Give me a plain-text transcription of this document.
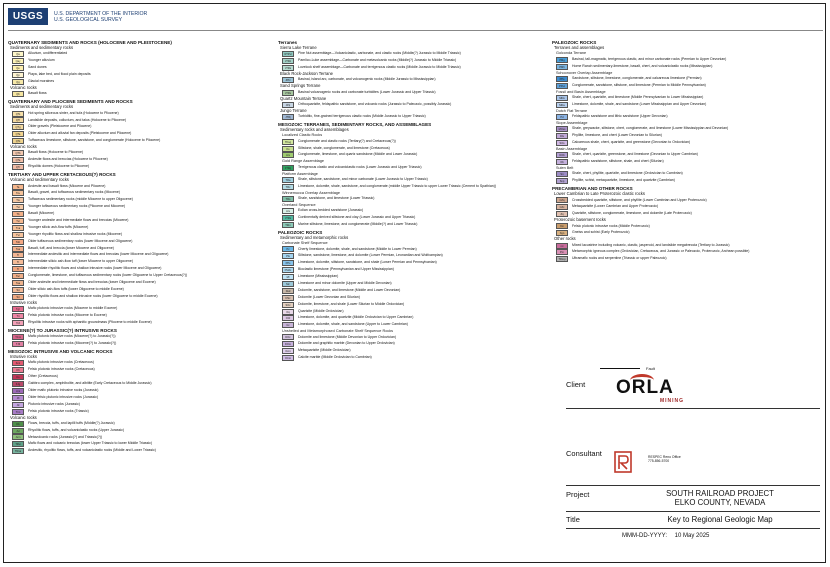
USGS	U.S. DEPARTMENT OF THE INTERIOR
U.S. GEOLOGICAL SURVEY
QUATERNARY SEDIMENTS AND ROCKS (HOLOCENE AND PLEISTOCENE)
Sediments and sedimentary rocks
Qa	Alluvium, undifferentiated
Qay	Younger alluvium
Qe	Sand dunes
Qp	Playa, lake bed, and flood plain deposits
Qg	Glacial moraines
Volcanic rocks
Qb	Basalt flows
QUATERNARY AND PLIOCENE SEDIMENTS AND ROCKS
Sediments and sedimentary rocks
QTs	Hot spring siliceous sinter, and tufa (Holocene to Pliocene)
QTl	Landslide deposits, colluvium, and talus (Holocene to Pliocene)
QTg	Older gravels (Pleistocene and Pliocene)
QTa	Older alluvium and alluvial fan deposits (Pleistocene and Pliocene)
QTs	Tuffaceous limestone, siltstone, sandstone, and conglomerate (Holocene to Pliocene)
Volcanic rocks
QTb	Basalt flows (Holocene to Pliocene)
QTa	Andesite flows and breccias (Holocene to Pliocene)
QTr	Rhyolitic domes (Holocene to Pliocene)
TERTIARY AND UPPER CRETACEOUS(?) ROCKS
Volcanic and sedimentary rocks
Ta	Andesite and basalt flows (Miocene and Pliocene)
Tsv	Basalt, gravel, and tuffaceous sedimentary rocks (Miocene)
Tts	Tuffaceous sedimentary rocks (middle Miocene to upper Oligocene)
Tvt	Younger tuffaceous sedimentary rocks (Pliocene and Miocene)
Tb	Basalt (Miocene)
Tvi	Younger andesite and intermediate flows and breccias (Miocene)
Tva	Younger silicic ash-flow tuffs (Miocene)
Tvr	Younger rhyolitic flows and shallow intrusive rocks (Miocene)
Tob	Older tuffaceous sedimentary rocks (lower Miocene and Oligocene)
Toa	Basalt, tuff, and breccia (lower Miocene and Oligocene)
Ti	Intermediate andesitic and intermediate flows and breccias (lower Miocene and Oligocene)
Tt	Intermediate silicic ash-flow tuff (lower Miocene to upper Oligocene)
Tr	Intermediate rhyolitic flows and shallow intrusive rocks (lower Miocene and Oligocene)
Tsc	Conglomerate, limestone, and tuffaceous sedimentary rocks (lower Oligocene to Upper Cretaceous(?))
Toa	Older andesite and intermediate flows and breccias (lower Oligocene and Eocene)
Tot	Older silicic ash-flow tuffs (lower Oligocene to middle Eocene)
Tor	Older rhyolitic flows and shallow intrusive rocks (lower Oligocene to middle Eocene)
Intrusive rocks
Tgr	Mafic plutonic intrusive rocks (Miocene to middle Eocene)
Tri	Felsic plutonic intrusive rocks (Miocene to Eocene)
Trd	Rhyolitic intrusive rocks with aphanitic groundmass (Pliocene to middle Eocene)
MIOCENE(?) TO JURASSIC(?) INTRUSIVE ROCKS
TJmi	Mafic plutonic intrusive rocks (Miocene(?) to Jurassic(?))
TJfi	Felsic plutonic intrusive rocks (Miocene(?) to Jurassic(?))
MESOZOIC INTRUSIVE AND VOLCANIC ROCKS
Intrusive rocks
Kmi	Mafic plutonic intrusive rocks (Cretaceous)
Kfi	Felsic plutonic intrusive rocks (Cretaceous)
Ko	Other (Cretaceous)
KJg	Gabbro complex, amphibolite, and albitite (Early Cretaceous to Middle Jurassic)
Jmi	Older mafic plutonic intrusive rocks (Jurassic)
Jfi	Older felsic plutonic intrusive rocks (Jurassic)
Jd	Plutonic intrusive rocks (Jurassic)
Trm	Felsic plutonic intrusive rocks (Triassic)
Volcanic rocks
Kb	Flows, breccia, tuffs, and lapilli tuffs (Middle(?) Jurassic)
Jvr	Rhyolitic flows, tuffs, and volcaniclastic rocks (Upper Jurassic)
Jvm	Metavolcanic rocks (Jurassic(?) and Triassic(?))
TRvi	Mafic flows and volcanic breccias (lower Upper Triassic to lower Middle Triassic)
TRva	Andesitic, rhyolitic flows, tuffs, and volcaniclastic rocks (Middle and Lower Triassic)
Terranes
Sierra Lake Terrane
RTPsl	Pine Nut assemblage—Volcaniclastic, carbonate, and clastic rocks (Middle(?) Jurassic to Middle Triassic)
JTRc	Pamlico-Luke assemblage—Carbonate and metavolcanic rocks (Middle(?) Jurassic to Middle Triassic)
JTRs	Lovelock shelf assemblage—Carbonate and terrigenous clastic rocks (Middle Jurassic to Middle Triassic)
Black Rock-Jackson Terrane
JPbr	Basinal, island arc, carbonate, and volcanogenic rocks (Middle Jurassic to Mississippian)
Sand Springs Terrane
JTRs	Basinal volcanogenic rocks and carbonate turbidites (Lower Jurassic and Upper Triassic)
Quartz Mountain Terrane
JPq	Orthoquartzite, feldspathic sandstone, and volcanic rocks (Jurassic to Paleozoic, possibly Jurassic)
Jungo Terrane
JTRj	Turbiditic, fine-grained terrigenous clastic rocks (Middle Jurassic to Upper Triassic)
MESOZOIC TERRANES, SEDIMENTARY ROCKS, AND ASSEMBLAGES
Sedimentary rocks and assemblages
Localized Clastic Rocks
TKsg	Conglomerate and clastic rocks (Tertiary(?) and Cretaceous(?))
Ks	Siltstone, shale, conglomerate, and limestone (Cretaceous)
Jcs	Conglomerate, limestone, and quartz sandstone (Middle and Lower Jurassic)
Gold Range Assemblage
JTRg	Terrigenous clastic and volcaniclastic rocks (Lower Jurassic and Upper Triassic)
Platform Assemblage
TRa	Shale, siltstone, sandstone, and minor carbonate (Lower Jurassic to Upper Triassic)
TRc	Limestone, dolomite, shale, sandstone, and conglomerate (middle Upper Triassic to upper Lower Triassic (Cement to Spathian))
Winnemucca Overlap Assemblage
TRs	Shale, sandstone, and limestone (Lower Triassic)
Overland Sequence
Jcs	Eolian cross-bedded sandstone (Jurassic)
JTRs	Continentally derived siltstone and clay (Lower Jurassic and Upper Triassic)
TRm	Marine siltstone, limestone, and conglomerate (Middle(?) and Lower Triassic)
PALEOZOIC ROCKS
Sedimentary and metamorphic rocks
Carbonate Shelf Sequence
Pc	Cherty limestone, dolomite, shale, and sandstone (Middle to Lower Permian)
Pls	Siltstone, sandstone, limestone, and dolomite (Lower Permian, Leonardian and Wolfcampian)
PPs	Limestone, dolomite, siltstone, sandstone, and shale (Lower Permian and Pennsylvanian)
PMdc	Bioclastic limestone (Pennsylvanian and Upper Mississippian)
Ml	Limestone (Mississippian)
Mc	Limestone and minor dolomite (Upper and Middle Devonian)
Dsd	Dolomite, sandstone, and limestone (Middle and Lower Devonian)
DSc	Dolomite (Lower Devonian and Silurian)
SOc	Dolomite, limestone, and shale (Lower Silurian to Middle Ordovician)
Oq	Quartzite (Middle Ordovician)
OCl	Limestone, dolomite, and quartzite (Middle Ordovician to Upper Cambrian)
Cc	Limestone, dolomite, shale, and sandstone (Upper to Lower Cambrian)
Unshelled and Metamorphosed Carbonate Shelf Sequence Rocks
DOc	Dolomite and limestone (Middle Devonian to Upper Ordovician)
DOm	Dolomite and graphitic marble (Devonian to Upper Ordovician)
Ocm	Metaquartzite (Middle Ordovician)
OCm	Calcite marble (Middle Ordovician to Cambrian)
PALEOZOIC ROCKS
Terranes and assemblages
Golconda Terrane
PMg	Basinal, tall-magmatic, terrigenous clastic, and minor carbonate rocks (Permian to Upper Devonian)
PMh	Home Ranch sedimentary-limestone, basalt, chert, and volcaniclastic rocks (Mississippian)
Schoonover Overlap Assemblage
PPs	Sandstone, siltstone, limestone, conglomerate, and calcareous limestone (Permian)
PPsc	Conglomerate, sandstone, siltstone, and limestone (Permian to Middle Pennsylvanian)
Fossil and Basin Assemblage
MDs	Shale, chert, quartzite, and limestone (Middle Pennsylvanian to Lower Mississippian)
MDa	Limestone, dolomite, shale, and sandstone (Lower Mississippian and Upper Devonian)
Dutch Flat Terrane
Pd	Feldspathic sandstone and lithic sandstone (Upper Devonian)
Slope Assemblage
MOss	Shale, greywacke, siltstone, chert, conglomerate, and limestone (Lower Mississippian and Devonian)
Dls	Phyllite, limestone, and chert (Lower Devonian to Silurian)
SOs	Calcareous shale, chert, quartzite, and greenstone (Devonian to Ordovician)
Basin Assemblage
DOb	Shale, chert, quartzite, greenstone, and limestone (Devonian to Upper Cambrian)
Ob	Feldspathic sandstone, siltstone, shale, and chert (Silurian)
Sulen Belt
Sn	Shale, chert, phyllite, quartzite, and limestone (Ordovician to Cambrian)
Snp	Phyllite, schist, metaquartzite, limestone, and quartzite (Cambrian)
PRECAMBRIAN AND OTHER ROCKS
Lower Cambrian to Late Proterozoic clastic rocks
CZq	Crossbedded quartzite, siltstone, and phyllite (Lower Cambrian and Upper Proterozoic)
CZc	Metaquartzite (Lower Cambrian and Upper Proterozoic)
Zq	Quartzite, siltstone, conglomerate, limestone, and dolomite (Late Proterozoic)
Proterozoic basement rocks
Xm	Felsic plutonic intrusive rocks (Middle Proterozoic)
Xgn	Gneiss and schist (Early Proterozoic)
Other rocks
mi	Mixed lacustrine including volcanic, clastic, jasperoid, and landslide megabreccia (Tertiary to Jurassic)
Pm	Metamorphic igneous complex (Ordovician, Cretaceous, and Jurassic or Paleozoic, Proterozoic, Archean possible)
TRmp	Ultramafic rocks and serpentine (Triassic or upper Paleozoic)
Fault
Client ORLA
MINING
Consultant	RESPEC Reno Office
775-856-5700
Project	SOUTH RAILROAD PROJECT
ELKO COUNTY, NEVADA
Title	Key to Regional Geologic Map
MMM-DD-YYYY: 10 May 2025
